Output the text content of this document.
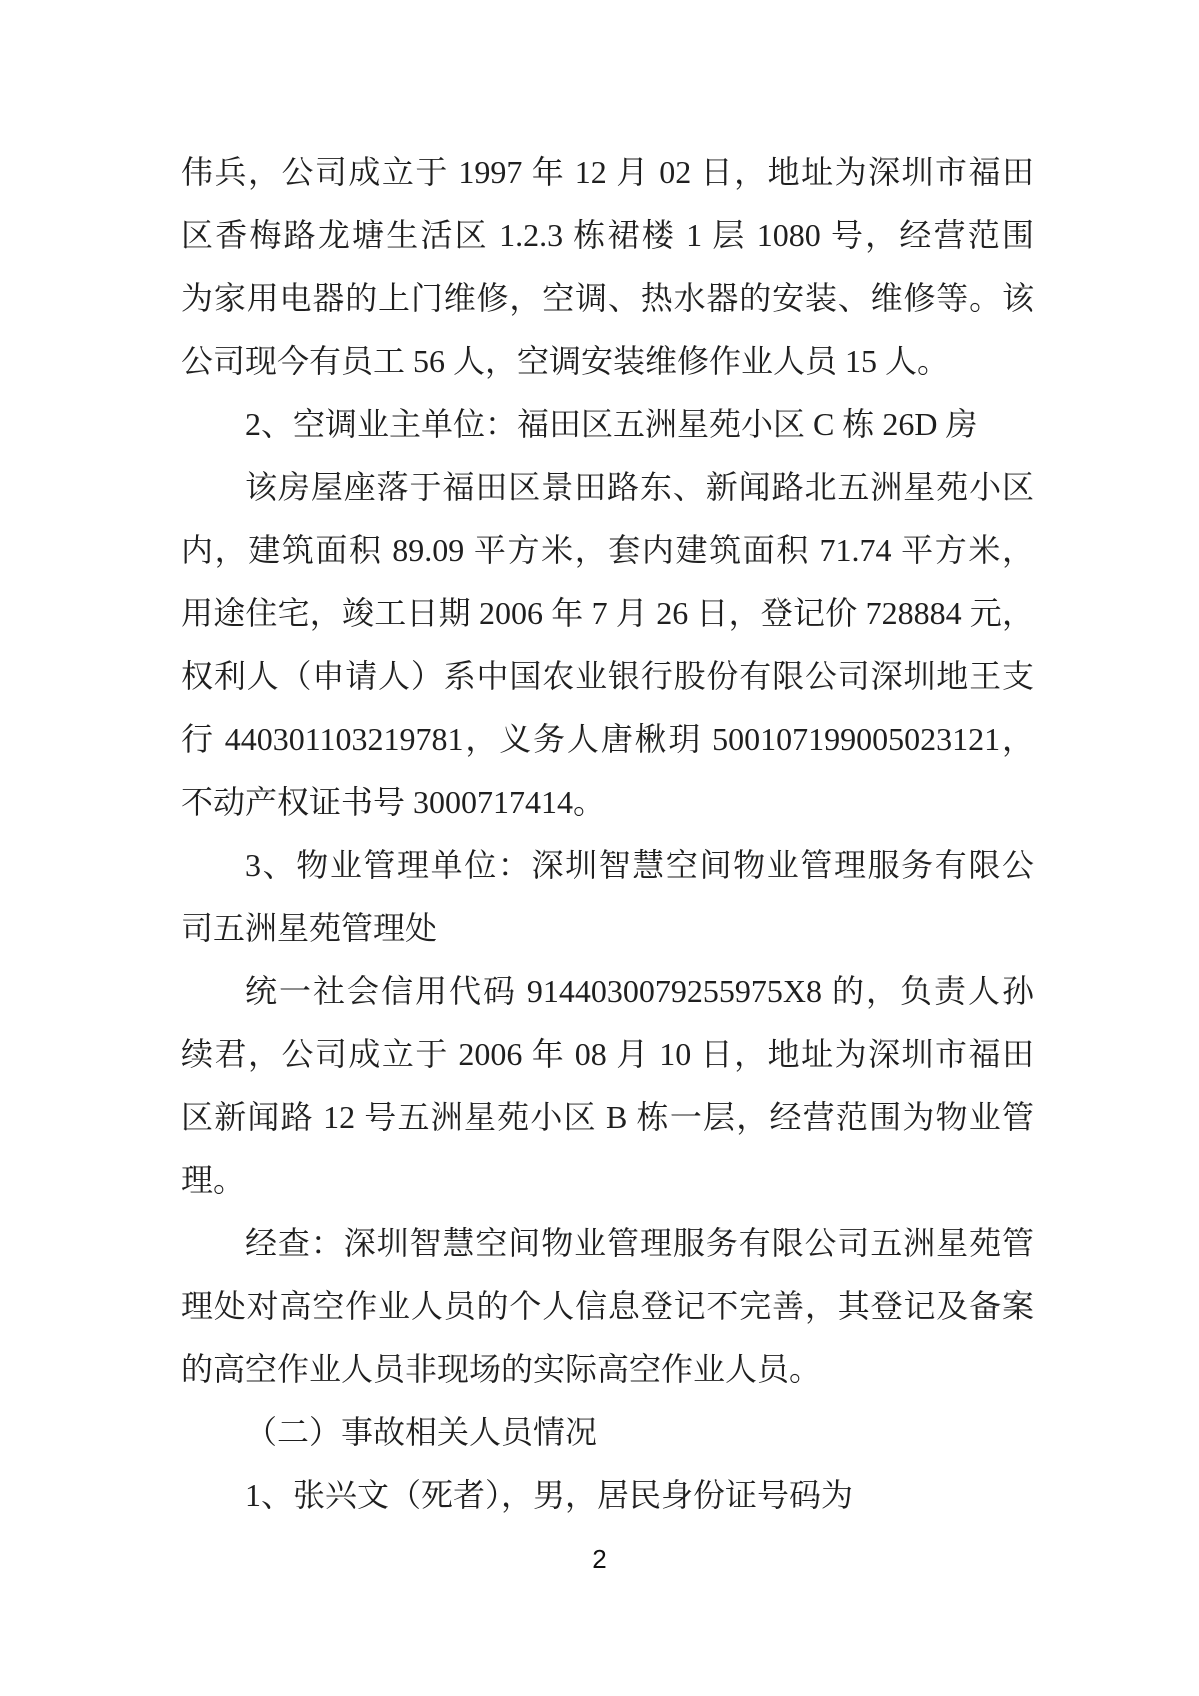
伟兵，公司成立于 1997 年 12 月 02 日，地址为深圳市福田
区香梅路龙塘生活区 1.2.3 栋裙楼 1 层 1080 号，经营范围
为家用电器的上门维修，空调、热水器的安装、维修等。该
公司现今有员工 56 人，空调安装维修作业人员 15 人。
2、空调业主单位：福田区五洲星苑小区 C 栋 26D 房
该房屋座落于福田区景田路东、新闻路北五洲星苑小区
内，建筑面积 89.09 平方米，套内建筑面积 71.74 平方米，
用途住宅，竣工日期 2006 年 7 月 26 日，登记价 728884 元，
权利人（申请人）系中国农业银行股份有限公司深圳地王支
行 440301103219781，义务人唐楸玥 500107199005023121，
不动产权证书号 3000717414。
3、物业管理单位：深圳智慧空间物业管理服务有限公
司五洲星苑管理处
统一社会信用代码 9144030079255975X8 的，负责人孙
续君，公司成立于 2006 年 08 月 10 日，地址为深圳市福田
区新闻路 12 号五洲星苑小区 B 栋一层，经营范围为物业管
理。
经查：深圳智慧空间物业管理服务有限公司五洲星苑管
理处对高空作业人员的个人信息登记不完善，其登记及备案
的高空作业人员非现场的实际高空作业人员。
（二）事故相关人员情况
1、张兴文（死者），男，居民身份证号码为
2
